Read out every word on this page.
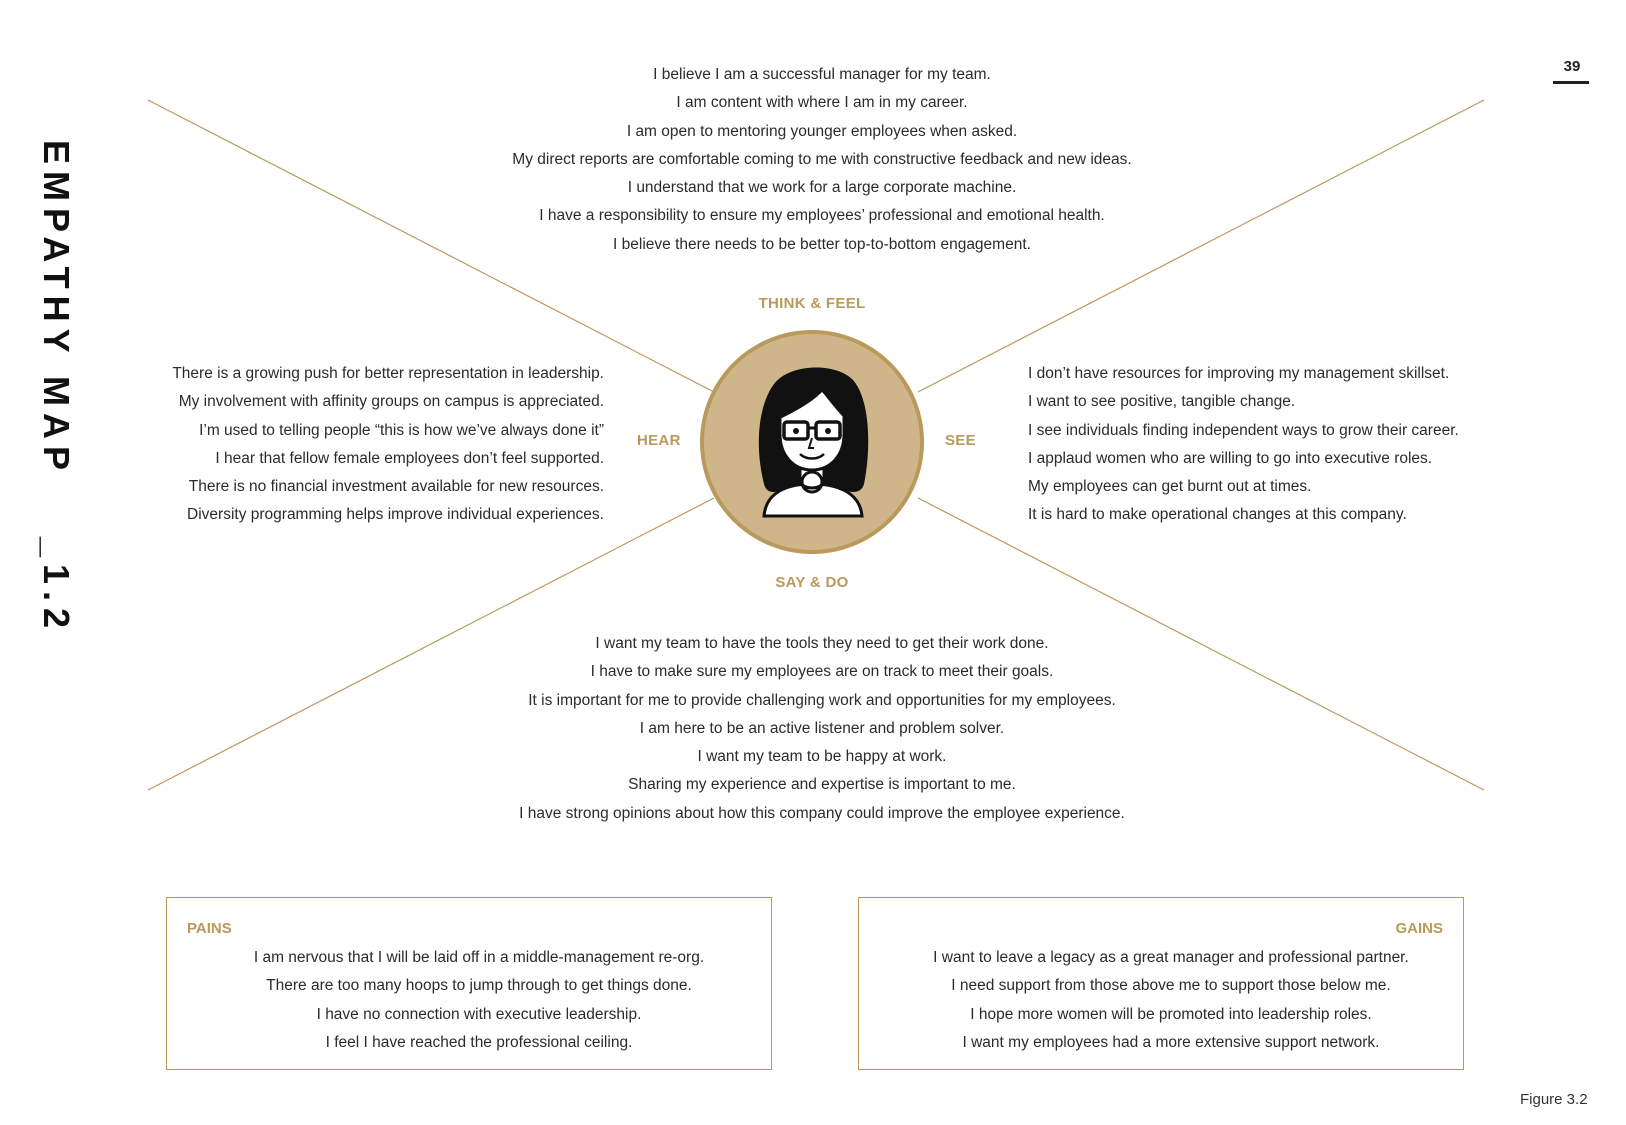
39
EMPATHY MAP_1.2
I believe I am a successful manager for my team.
I am content with where I am in my career.
I am open to mentoring younger employees when asked.
My direct reports are comfortable coming to me with constructive feedback and new ideas.
I understand that we work for a large corporate machine.
I have a responsibility to ensure my employees’ professional and emotional health.
I believe there needs to be better top-to-bottom engagement.
THINK & FEEL
There is a growing push for better representation in leadership.
My involvement with affinity groups on campus is appreciated.
I’m used to telling people “this is how we’ve always done it”
I hear that fellow female employees don’t feel supported.
There is no financial investment available for new resources.
Diversity programming helps improve individual experiences.
HEAR
I don’t have resources for improving my management skillset.
I want to see positive, tangible change.
I see individuals finding independent ways to grow their career.
I applaud women who are willing to go into executive roles.
My employees can get burnt out at times.
It is hard to make operational changes at this company.
SEE
SAY & DO
I want my team to have the tools they need to get their work done.
I have to make sure my employees are on track to meet their goals.
It is important for me to provide challenging work and opportunities for my employees.
I am here to be an active listener and problem solver.
I want my team to be happy at work.
Sharing my experience and expertise is important to me.
I have strong opinions about how this company could improve the employee experience.
PAINS
I am nervous that I will be laid off in a middle-management re-org.
There are too many hoops to jump through to get things done.
I have no connection with executive leadership.
I feel I have reached the professional ceiling.
GAINS
I want to leave a legacy as a great manager and professional partner.
I need support from those above me to support those below me.
I hope more women will be promoted into leadership roles.
I want my employees had a more extensive support network.
Figure 3.2
